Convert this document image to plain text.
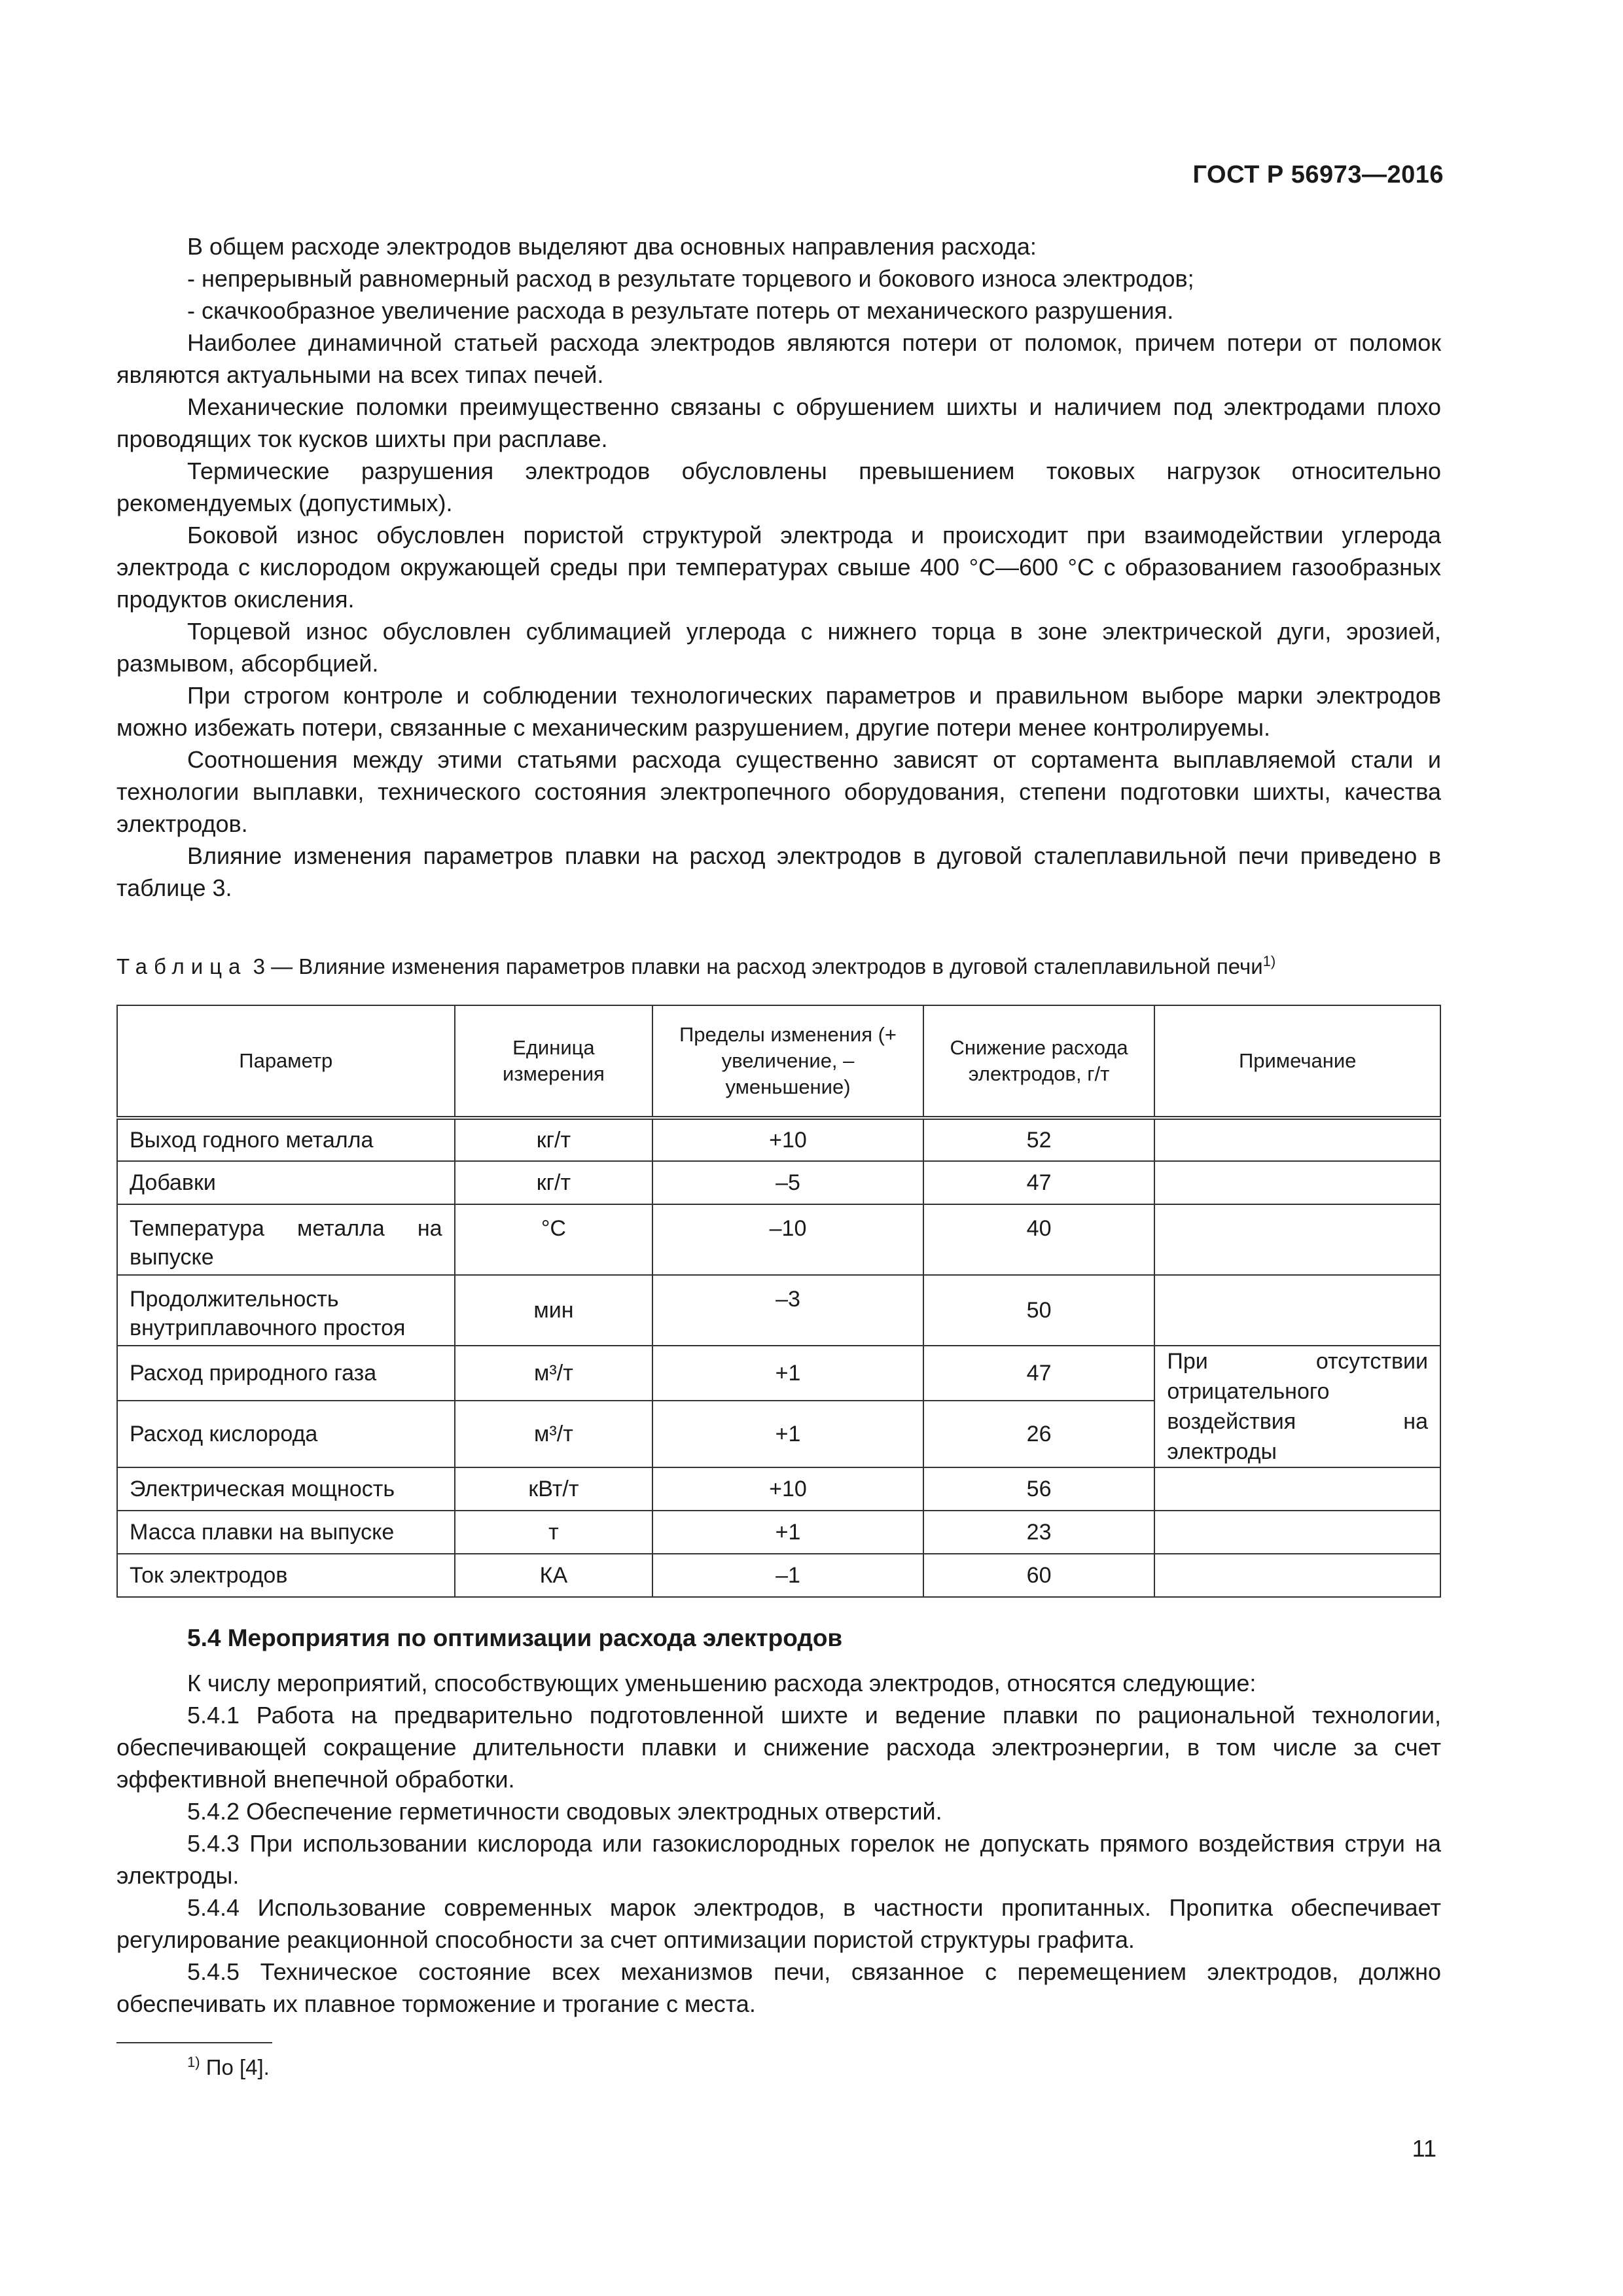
ГОСТ Р 56973—2016

В общем расходе электродов выделяют два основных направления расхода:

- непрерывный равномерный расход в результате торцевого и бокового износа электродов;

- скачкообразное увеличение расхода в результате потерь от механического разрушения.

Наиболее динамичной статьей расхода электродов являются потери от поломок, причем потери от поломок являются актуальными на всех типах печей.

Механические поломки преимущественно связаны с обрушением шихты и наличием под электродами плохо проводящих ток кусков шихты при расплаве.

Термические разрушения электродов обусловлены превышением токовых нагрузок относительно рекомендуемых (допустимых).

Боковой износ обусловлен пористой структурой электрода и происходит при взаимодействии углерода электрода с кислородом окружающей среды при температурах свыше 400 °С—600 °С с образованием газообразных продуктов окисления.

Торцевой износ обусловлен сублимацией углерода с нижнего торца в зоне электрической дуги, эрозией, размывом, абсорбцией.

При строгом контроле и соблюдении технологических параметров и правильном выборе марки электродов можно избежать потери, связанные с механическим разрушением, другие потери менее контролируемы.

Соотношения между этими статьями расхода существенно зависят от сортамента выплавляемой стали и технологии выплавки, технического состояния электропечного оборудования, степени подготовки шихты, качества электродов.

Влияние изменения параметров плавки на расход электродов в дуговой сталеплавильной печи приведено в таблице 3.

Таблица 3 — Влияние изменения параметров плавки на расход электродов в дуговой сталеплавильной печи$^{1)}$
Параметр	Единица измерения	Пределы изменения (+ увеличение, – уменьшение)	Снижение расхода электродов, г/т	Примечание
Выход годного металла	кг/т	+10	52	
Добавки	кг/т	–5	47	
Температура металла на выпуске	°С	–10	40	
Продолжительность внутриплавочного простоя	мин	–3	50	
Расход природного газа	м³/т	+1	47	При отсутствии отрицательного воздействия на электроды
Расход кислорода	м³/т	+1	26	
Электрическая мощность	кВт/т	+10	56	
Масса плавки на выпуске	т	+1	23	
Ток электродов	КА	–1	60	
5.4 Мероприятия по оптимизации расхода электродов

К числу мероприятий, способствующих уменьшению расхода электродов, относятся следующие:

5.4.1 Работа на предварительно подготовленной шихте и ведение плавки по рациональной технологии, обеспечивающей сокращение длительности плавки и снижение расхода электроэнергии, в том числе за счет эффективной внепечной обработки.

5.4.2 Обеспечение герметичности сводовых электродных отверстий.

5.4.3 При использовании кислорода или газокислородных горелок не допускать прямого воздействия струи на электроды.

5.4.4 Использование современных марок электродов, в частности пропитанных. Пропитка обеспечивает регулирование реакционной способности за счет оптимизации пористой структуры графита.

5.4.5 Техническое состояние всех механизмов печи, связанное с перемещением электродов, должно обеспечивать их плавное торможение и трогание с места.

$^{1)}$ По [4].
11
